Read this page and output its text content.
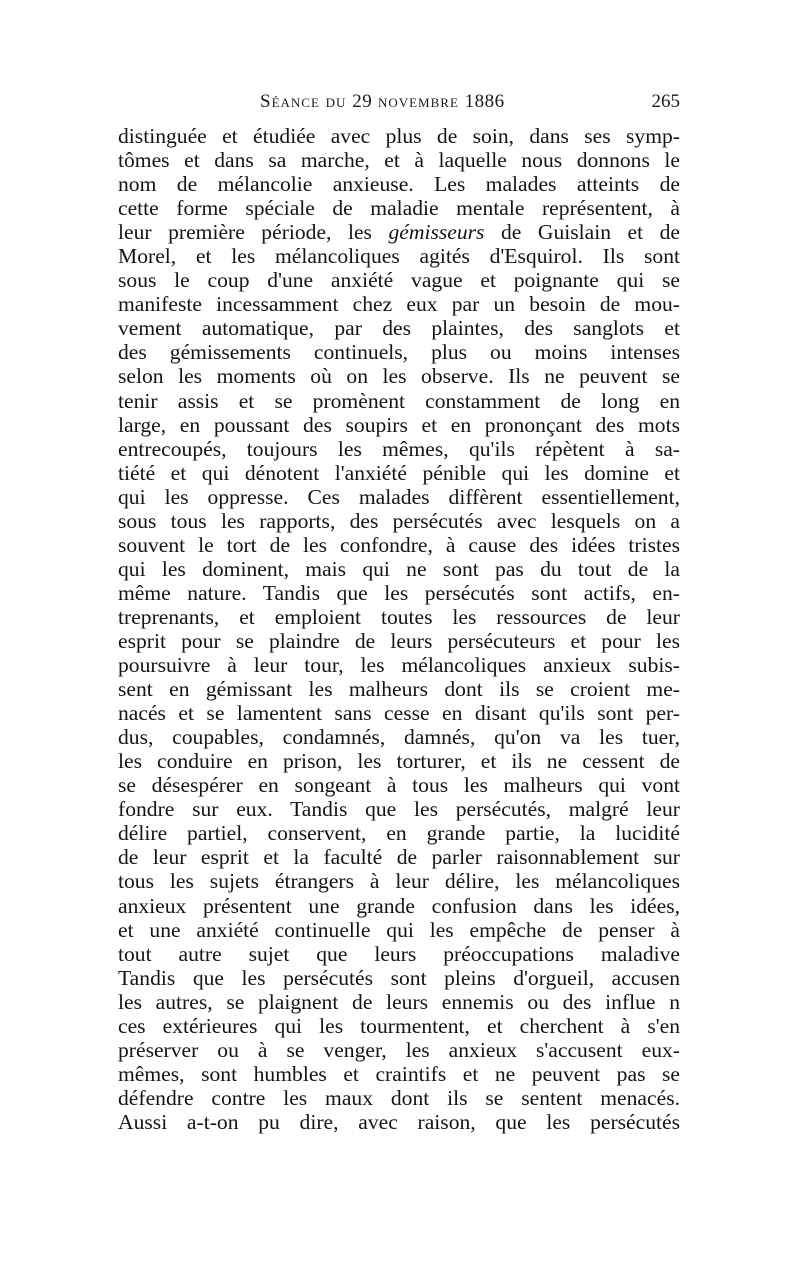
Séance du 29 novembre 1886	265
distinguée et étudiée avec plus de soin, dans ses symp-
tômes et dans sa marche, et à laquelle nous donnons le
nom de mélancolie anxieuse. Les malades atteints de
cette forme spéciale de maladie mentale représentent, à
leur première période, les gémisseurs de Guislain et de
Morel, et les mélancoliques agités d'Esquirol. Ils sont
sous le coup d'une anxiété vague et poignante qui se
manifeste incessamment chez eux par un besoin de mou-
vement automatique, par des plaintes, des sanglots et
des gémissements continuels, plus ou moins intenses
selon les moments où on les observe. Ils ne peuvent se
tenir assis et se promènent constamment de long en
large, en poussant des soupirs et en prononçant des mots
entrecoupés, toujours les mêmes, qu'ils répètent à sa-
tiété et qui dénotent l'anxiété pénible qui les domine et
qui les oppresse. Ces malades diffèrent essentiellement,
sous tous les rapports, des persécutés avec lesquels on a
souvent le tort de les confondre, à cause des idées tristes
qui les dominent, mais qui ne sont pas du tout de la
même nature. Tandis que les persécutés sont actifs, en-
treprenants, et emploient toutes les ressources de leur
esprit pour se plaindre de leurs persécuteurs et pour les
poursuivre à leur tour, les mélancoliques anxieux subis-
sent en gémissant les malheurs dont ils se croient me-
nacés et se lamentent sans cesse en disant qu'ils sont per-
dus, coupables, condamnés, damnés, qu'on va les tuer,
les conduire en prison, les torturer, et ils ne cessent de
se désespérer en songeant à tous les malheurs qui vont
fondre sur eux. Tandis que les persécutés, malgré leur
délire partiel, conservent, en grande partie, la lucidité
de leur esprit et la faculté de parler raisonnablement sur
tous les sujets étrangers à leur délire, les mélancoliques
anxieux présentent une grande confusion dans les idées,
et une anxiété continuelle qui les empêche de penser à
tout autre sujet que leurs préoccupations maladive
Tandis que les persécutés sont pleins d'orgueil, accusen
les autres, se plaignent de leurs ennemis ou des influe n
ces extérieures qui les tourmentent, et cherchent à s'en
préserver ou à se venger, les anxieux s'accusent eux-
mêmes, sont humbles et craintifs et ne peuvent pas se
défendre contre les maux dont ils se sentent menacés.
Aussi a-t-on pu dire, avec raison, que les persécutés
